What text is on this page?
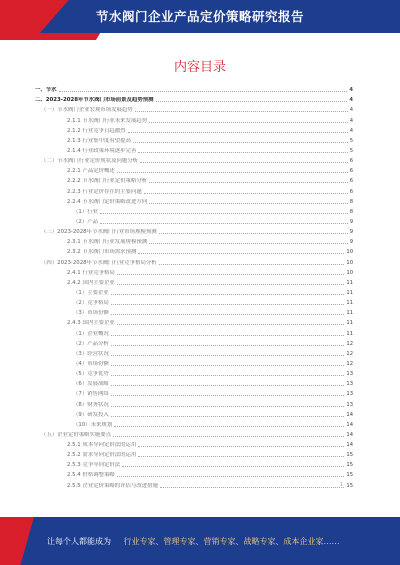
节水阀门企业产品定价策略研究报告
内容目录
一、节水	4
二、2023-2028年节水阀门市场前景及趋势预测	4
（一）节水阀门企业宏观市场发展趋势	4
2.1.1 节水阀门行业未来发展趋势	4
2.1.2 行业竞争日趋激烈	4
2.1.3 行业集中度有望提高	5
2.1.4 行业政策环境逐步完善	5
（二）节水阀门行业定价现状及问题分析	6
2.2.1 产品定价概述	6
2.2.2 节水阀门行业定价策略分析	6
2.2.3 行业定价存在的主要问题	6
2.2.4 节水阀门定价策略改进方向	8
（1）行业	8
（2）产品	9
（三）2023-2028年节水阀门行业市场规模预测	9
2.3.1 节水阀门行业发展规模预测	9
2.3.2 节水阀门市场需求预测	10
（四）2023-2028年节水阀门行业竞争格局分析	10
2.4.1 行业竞争格局	10
2.4.2 国内主要企业	11
（1）主要企业	11
（2）竞争格局	11
（3）市场份额	11
2.4.3 国内主要企业	11
（1）企业概况	11
（2）产品分析	12
（3）经营状况	12
（4）市场份额	12
（5）竞争优势	13
（6）发展战略	13
（7）销售网络	13
（8）财务状况	13
（9）研发投入	14
（10）未来规划	14
（五）企业定价策略实施要点	14
2.5.1 成本导向定价法的运用	14
2.5.2 需求导向定价法的运用	15
2.5.3 竞争导向定价法	15
2.5.4 价格调整策略	15
2.5.5 企业定价策略的评估与改进措施	15
1
让每个人都能成为 行业专家、管理专家、营销专家、战略专家、成本企业家……
